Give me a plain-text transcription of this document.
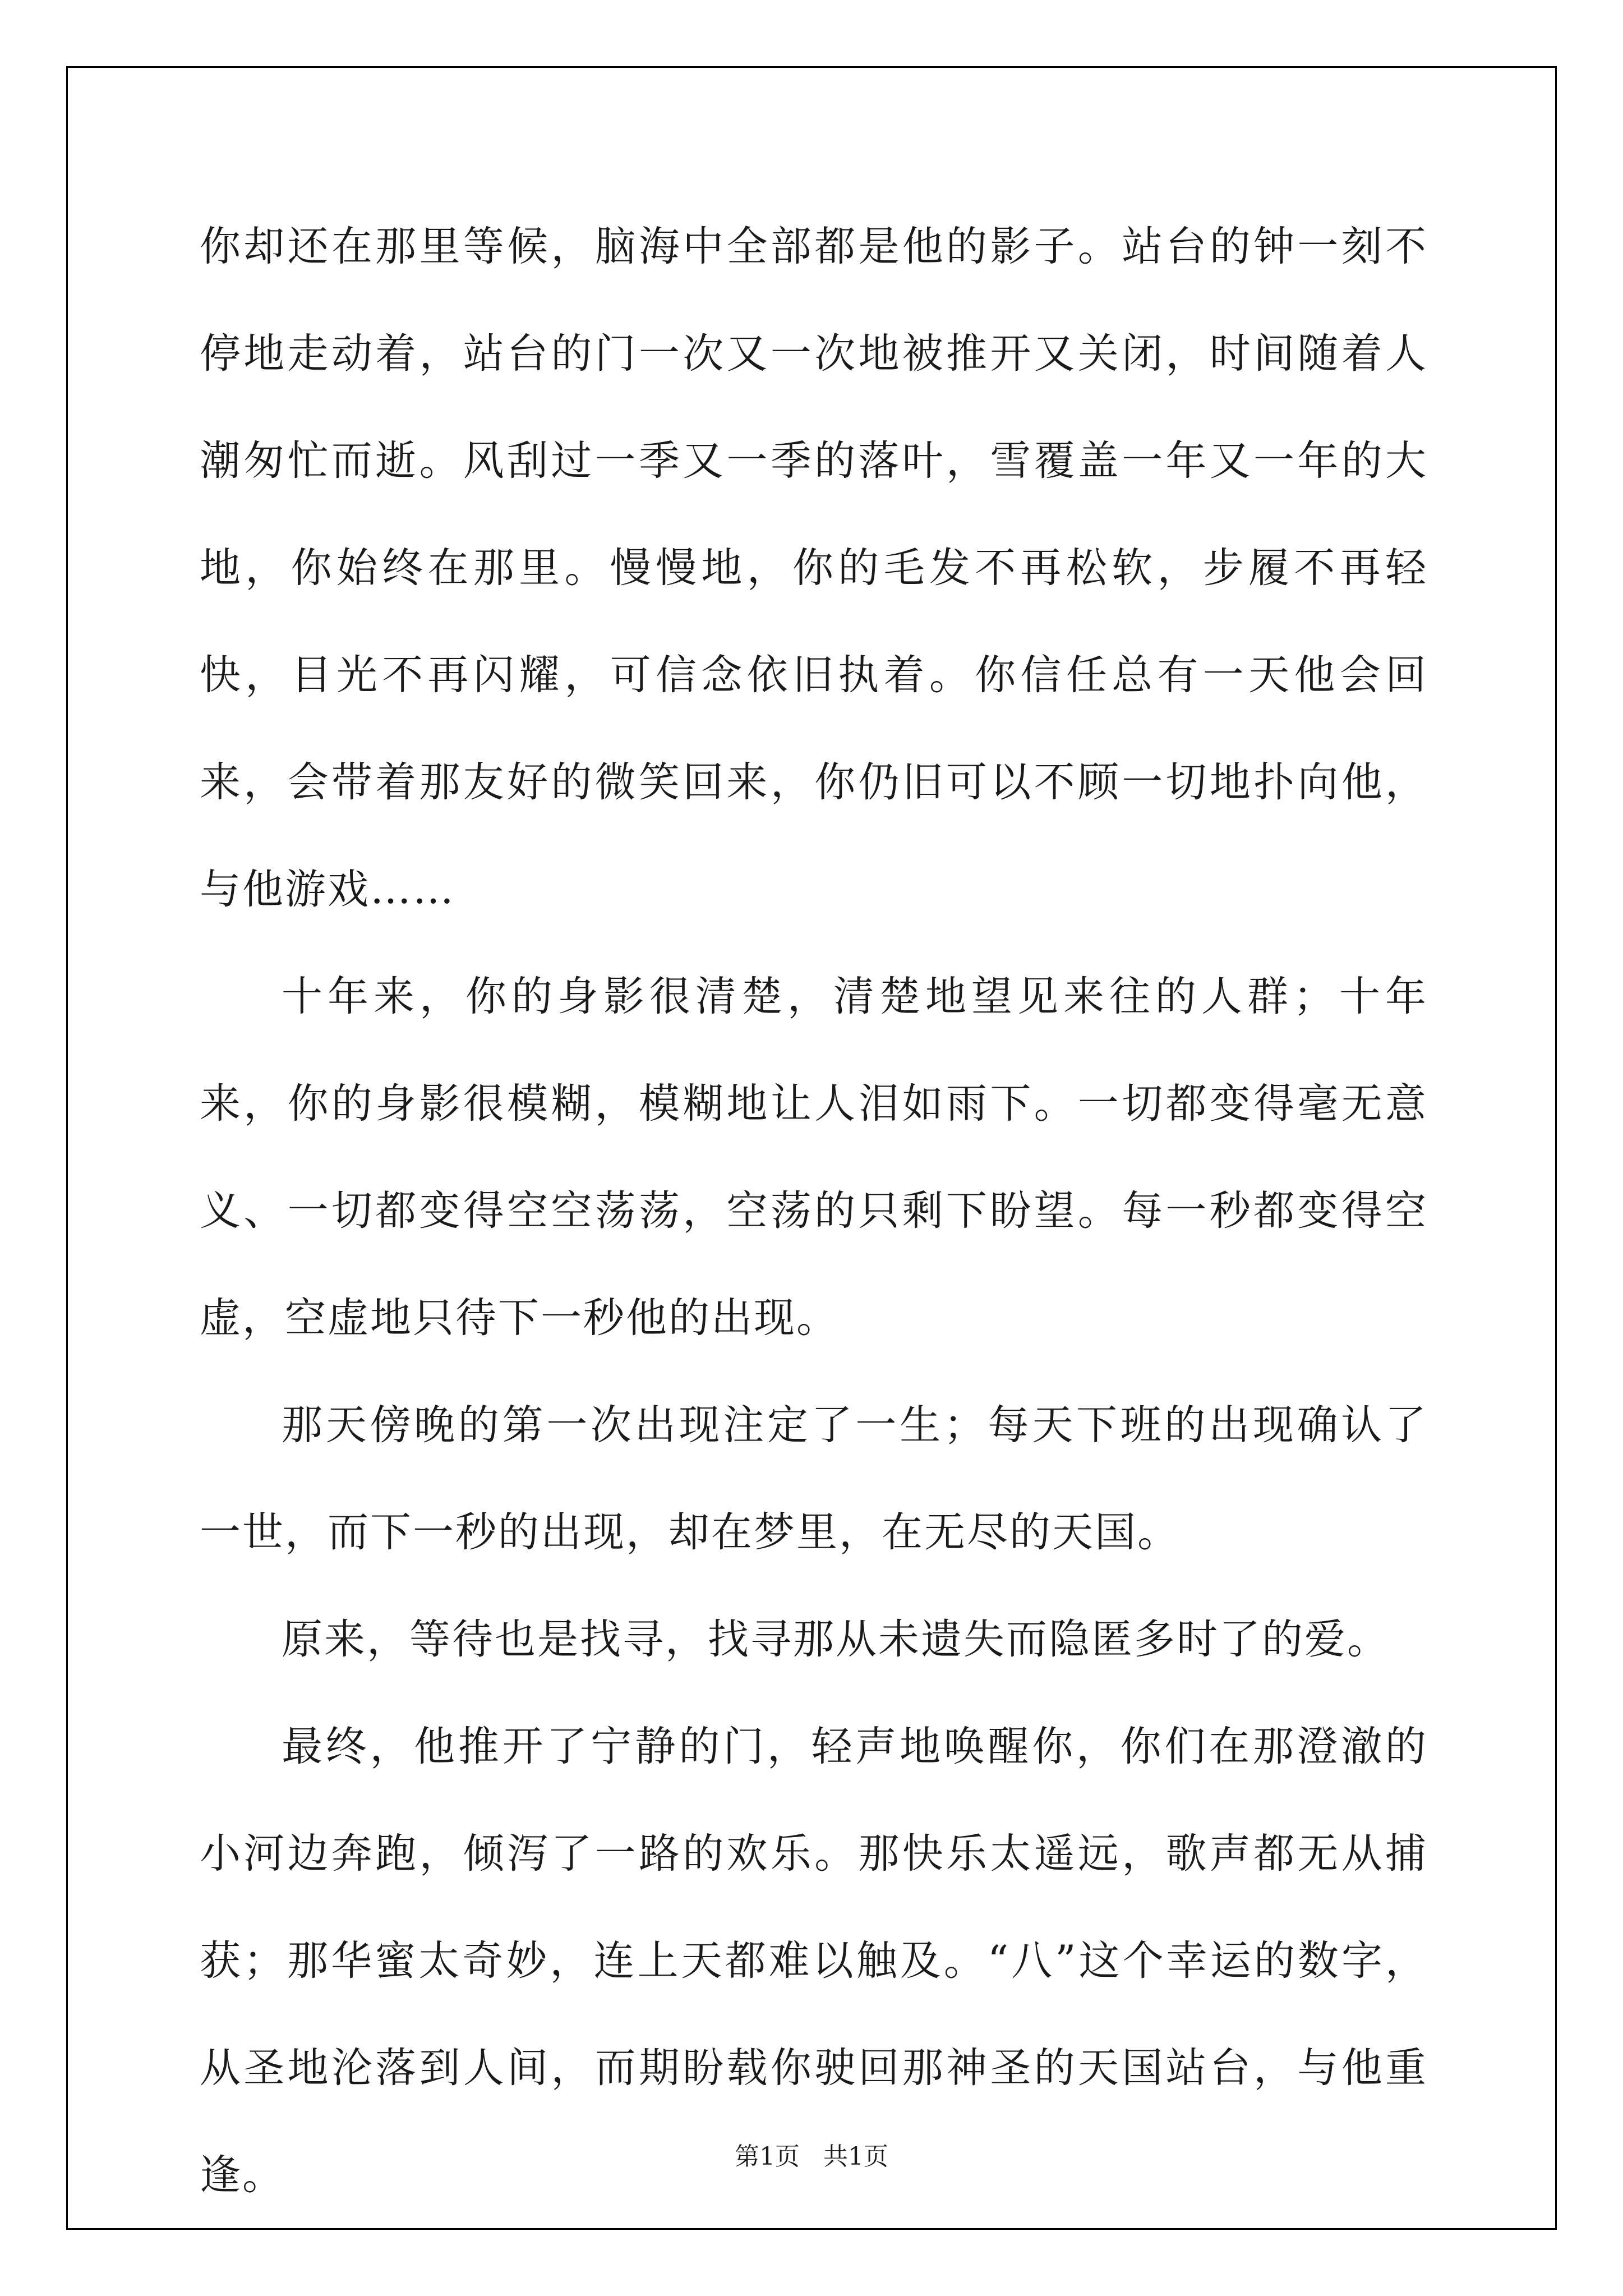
你却还在那里等候，脑海中全部都是他的影子。站台的钟一刻不停地走动着，站台的门一次又一次地被推开又关闭，时间随着人潮匆忙而逝。风刮过一季又一季的落叶，雪覆盖一年又一年的大地，你始终在那里。慢慢地，你的毛发不再松软，步履不再轻快，目光不再闪耀，可信念依旧执着。你信任总有一天他会回来，会带着那友好的微笑回来，你仍旧可以不顾一切地扑向他，与他游戏……

十年来，你的身影很清楚，清楚地望见来往的人群；十年来，你的身影很模糊，模糊地让人泪如雨下。一切都变得毫无意义、一切都变得空空荡荡，空荡的只剩下盼望。每一秒都变得空虚，空虚地只待下一秒他的出现。

那天傍晚的第一次出现注定了一生；每天下班的出现确认了一世，而下一秒的出现，却在梦里，在无尽的天国。

原来，等待也是找寻，找寻那从未遗失而隐匿多时了的爱。

最终，他推开了宁静的门，轻声地唤醒你，你们在那澄澈的小河边奔跑，倾泻了一路的欢乐。那快乐太遥远，歌声都无从捕获；那华蜜太奇妙，连上天都难以触及。“八”这个幸运的数字，从圣地沦落到人间，而期盼载你驶回那神圣的天国站台，与他重逢。	第1页   共1页
